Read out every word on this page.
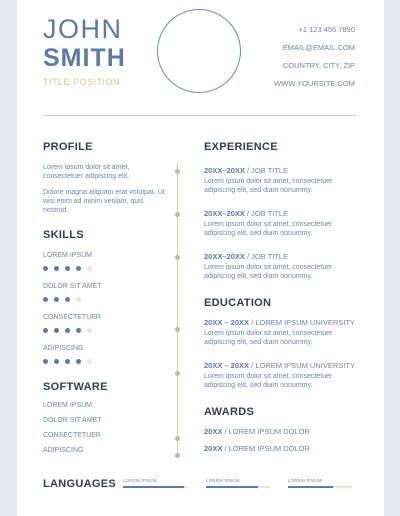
JOHN
SMITH
TITLE POSITION
+1 123 456 7890
EMAIL@EMAIL.COM
COUNTRY, CITY, ZIP
WWW.YOURSITE.COM
PROFILE
Lorem ipsum dolor sit amet, consectetuer adipiscing elit.
Dolore magna aliquam erat volutpat. Ut wisi enim ad minim veniam, quis nostrud.
SKILLS
LOREM IPSUM
DOLOR SIT AMET
CONSECTETUER
ADIPISCING
SOFTWARE
LOREM IPSUM
DOLOR SIT AMET
CONSECTETUER
ADIPISCING
EXPERIENCE
20XX–20XX / JOB TITLE
Lorem ipsum dolor sit amet, consectetuer adipiscing elit, sed diam nonummy.
20XX–20XX / JOB TITLE
Lorem ipsum dolor sit amet, consectetuer adipiscing elit, sed diam nonummy.
20XX–20XX / JOB TITLE
Lorem ipsum dolor sit amet, consectetuer adipiscing elit, sed diam nonummy.
EDUCATION
20XX – 20XX / LOREM IPSUM UNIVERSITY
Lorem ipsum dolor sit amet, consectetuer adipiscing elit, sed diam nonummy.
20XX – 20XX / LOREM IPSUM UNIVERSITY
Lorem ipsum dolor sit amet, consectetuer adipiscing elit, sed diam nonummy.
AWARDS
20XX / LOREM IPSUM DOLOR
20XX / LOREM IPSUM DOLOR
LANGUAGES LOREM IPSUM	LOREM IPSUM	LOREM IPSUM
